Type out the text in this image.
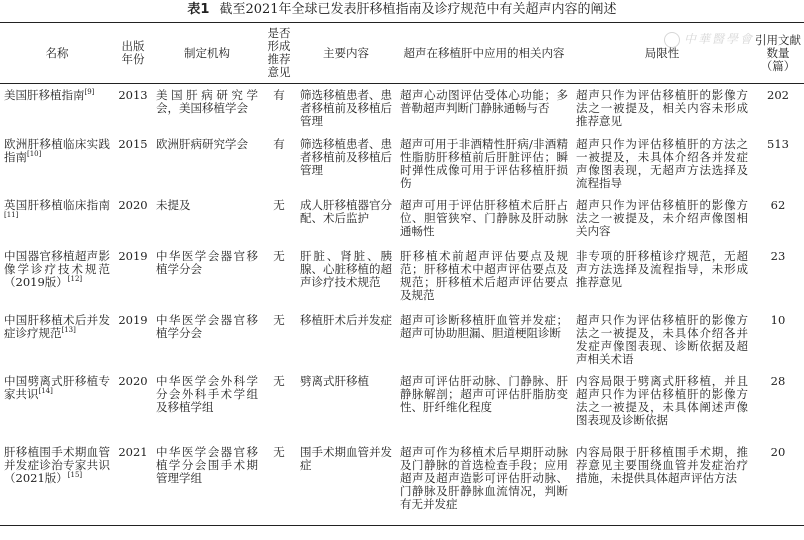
表1 截至2021年全球已发表肝移植指南及诊疗规范中有关超声内容的阐述
中華醫學會
名称	出版年份	制定机构	是否形成推荐意见	主要内容	超声在移植肝中应用的相关内容	局限性	引用文献数量（篇）
美国肝移植指南[9]	2013	美国肝病研究学会，美国移植学会	有	筛选移植患者、患者移植前及移植后管理	超声心动图评估受体心功能；多普勒超声判断门静脉通畅与否	超声只作为评估移植肝的影像方法之一被提及，相关内容未形成推荐意见	202
欧洲肝移植临床实践指南[10]	2015	欧洲肝病研究学会	有	筛选移植患者、患者移植前及移植后管理	超声可用于非酒精性肝病/非酒精性脂肪肝移植前后肝脏评估；瞬时弹性成像可用于评估移植肝损伤	超声只作为评估移植肝的方法之一被提及，未具体介绍各并发症声像图表现，无超声方法选择及流程指导	513
英国肝移植临床指南[11]	2020	未提及	无	成人肝移植器官分配、术后监护	超声可用于评估肝移植术后肝占位、胆管狭窄、门静脉及肝动脉通畅性	超声只作为评估移植肝的影像方法之一被提及，未介绍声像图相关内容	62
中国器官移植超声影像学诊疗技术规范（2019版）[12]	2019	中华医学会器官移植学分会	无	肝脏、肾脏、胰腺、心脏移植的超声诊疗技术规范	肝移植术前超声评估要点及规范；肝移植术中超声评估要点及规范；肝移植术后超声评估要点及规范	非专项的肝移植诊疗规范，无超声方法选择及流程指导，未形成推荐意见	23
中国肝移植术后并发症诊疗规范[13]	2019	中华医学会器官移植学分会	无	移植肝术后并发症	超声可诊断移植肝血管并发症；超声可协助胆漏、胆道梗阻诊断	超声只作为评估移植肝的影像方法之一被提及，未具体介绍各并发症声像图表现、诊断依据及超声相关术语	10
中国劈离式肝移植专家共识[14]	2020	中华医学会外科学分会外科手术学组及移植学组	无	劈离式肝移植	超声可评估肝动脉、门静脉、肝静脉解剖；超声可评估肝脂肪变性、肝纤维化程度	内容局限于劈离式肝移植，并且超声只作为评估移植肝的影像方法之一被提及，未具体阐述声像图表现及诊断依据	28
肝移植围手术期血管并发症诊治专家共识（2021版）[15]	2021	中华医学会器官移植学分会围手术期管理学组	无	围手术期血管并发症	超声可作为移植术后早期肝动脉及门静脉的首选检查手段；应用超声及超声造影可评估肝动脉、门静脉及肝静脉血流情况，判断有无并发症	内容局限于肝移植围手术期，推荐意见主要围绕血管并发症治疗措施，未提供具体超声评估方法	20
